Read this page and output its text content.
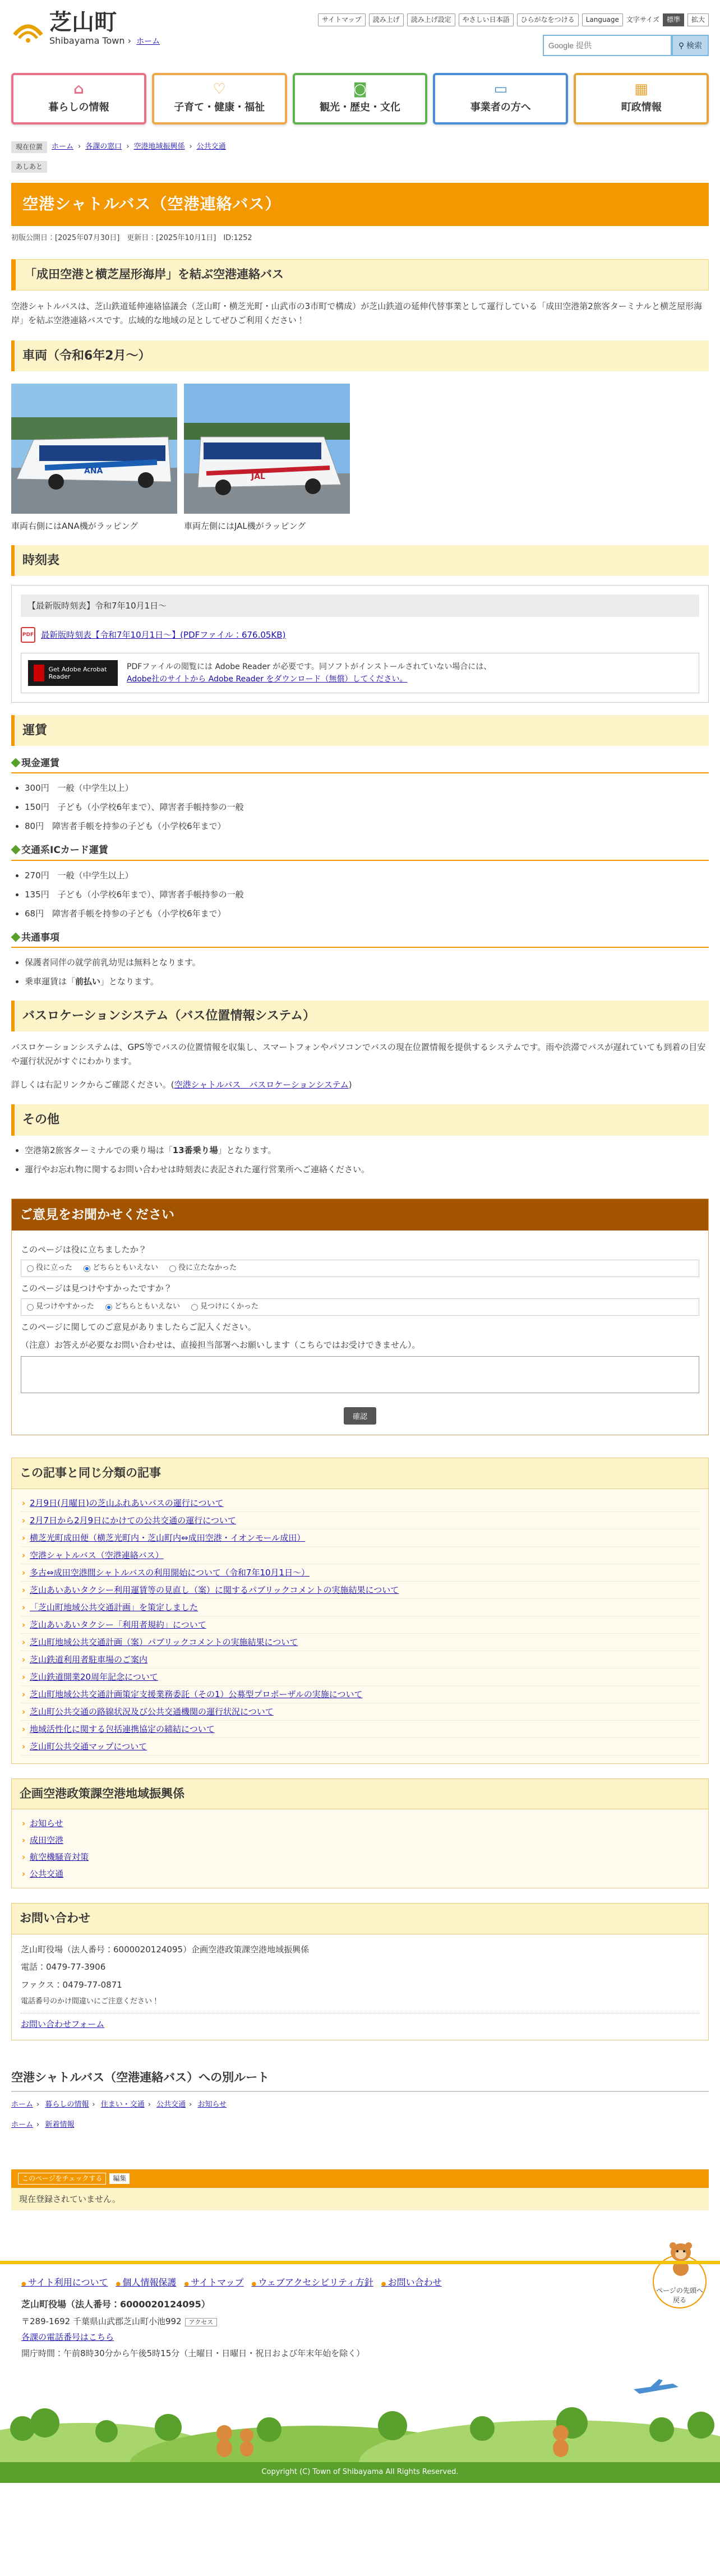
芝山町
Shibayama Town › ホーム
サイトマップ	読み上げ	読み上げ設定	やさしい日本語	ひらがなをつける	Language	文字サイズ	標準	拡大
Google 提供
⚲ 検索
⌂
暮らしの情報
♡
子育て・健康・福祉
◙
観光・歴史・文化
▭
事業者の方へ
▦
町政情報
現在位置	ホーム › 各課の窓口 › 空港地域振興係 › 公共交通
あしあと
空港シャトルバス（空港連絡バス）
初版公開日：[2025年07月30日]　更新日：[2025年10月1日]　ID:1252
「成田空港と横芝屋形海岸」を結ぶ空港連絡バス

空港シャトルバスは、芝山鉄道延伸連絡協議会（芝山町・横芝光町・山武市の3市町で構成）が芝山鉄道の延伸代替事業として運行している「成田空港第2旅客ターミナルと横芝屋形海岸」を結ぶ空港連絡バスです。広域的な地域の足としてぜひご利用ください！

車両（令和6年2月～）
ANA
JAL
車両右側にはANA機がラッピング	車両左側にはJAL機がラッピング
時刻表
【最新版時刻表】令和7年10月1日～
PDF 最新版時刻表【令和7年10月1日～】(PDFファイル：676.05KB)
Get Adobe Acrobat Reader
PDFファイルの閲覧には Adobe Reader が必要です。同ソフトがインストールされていない場合には、
Adobe社のサイトから Adobe Reader をダウンロード（無償）してください。
運賃
現金運賃
• 300円　一般（中学生以上）
• 150円　子ども（小学校6年まで）、障害者手帳持参の一般
• 80円　障害者手帳を持参の子ども（小学校6年まで）
交通系ICカード運賃
• 270円　一般（中学生以上）
• 135円　子ども（小学校6年まで）、障害者手帳持参の一般
• 68円　障害者手帳を持参の子ども（小学校6年まで）
共通事項
• 保護者同伴の就学前乳幼児は無料となります。
• 乗車運賃は「前払い」となります。
バスロケーションシステム（バス位置情報システム）

バスロケーションシステムは、GPS等でバスの位置情報を収集し、スマートフォンやパソコンでバスの現在位置情報を提供するシステムです。雨や渋滞でバスが遅れていても到着の目安や運行状況がすぐにわかります。

詳しくは右記リンクからご確認ください。(空港シャトルバス　バスロケーションシステム)

その他
• 空港第2旅客ターミナルでの乗り場は「13番乗り場」となります。
• 運行やお忘れ物に関するお問い合わせは時刻表に表記された運行営業所へご連絡ください。
ご意見をお聞かせください
このページは役に立ちましたか？
役に立った	どちらともいえない	役に立たなかった
このページは見つけやすかったですか？
見つけやすかった	どちらともいえない	見つけにくかった
このページに関してのご意見がありましたらご記入ください。
（注意）お答えが必要なお問い合わせは、直接担当部署へお願いします（こちらではお受けできません）。
確認
この記事と同じ分類の記事
› 2月9日(月曜日)の芝山ふれあいバスの運行について
› 2月7日から2月9日にかけての公共交通の運行について
› 横芝光町成田便（横芝光町内・芝山町内⇔成田空港・イオンモール成田）
› 空港シャトルバス（空港連絡バス）
› 多古⇔成田空港間シャトルバスの利用開始について（令和7年10月1日～）
› 芝山あいあいタクシー利用運賃等の見直し（案）に関するパブリックコメントの実施結果について
› 「芝山町地域公共交通計画」を策定しました
› 芝山あいあいタクシー「利用者規約」について
› 芝山町地域公共交通計画（案）パブリックコメントの実施結果について
› 芝山鉄道利用者駐車場のご案内
› 芝山鉄道開業20周年記念について
› 芝山町地域公共交通計画策定支援業務委託（その1）公募型プロポーザルの実施について
› 芝山町公共交通の路線状況及び公共交通機関の運行状況について
› 地域活性化に関する包括連携協定の締結について
› 芝山町公共交通マップについて
企画空港政策課空港地域振興係
› お知らせ
› 成田空港
› 航空機騒音対策
› 公共交通
お問い合わせ
芝山町役場（法人番号：6000020124095）企画空港政策課空港地域振興係
電話：0479-77-3906
ファクス：0479-77-0871
電話番号のかけ間違いにご注意ください！
お問い合わせフォーム
空港シャトルバス（空港連絡バス）への別ルート
ホーム › 暮らしの情報 › 住まい・交通 › 公共交通 › お知らせ
ホーム › 新着情報
このページをチェックする	編集
現在登録されていません。
ページの先頭へ戻る
● サイト利用について	● 個人情報保護	● サイトマップ	● ウェブアクセシビリティ方針	● お問い合わせ
芝山町役場（法人番号：6000020124095）
〒289-1692 千葉県山武郡芝山町小池992 アクセス
各課の電話番号はこちら
開庁時間：午前8時30分から午後5時15分（土曜日・日曜日・祝日および年末年始を除く）
Copyright (C) Town of Shibayama All Rights Reserved.
